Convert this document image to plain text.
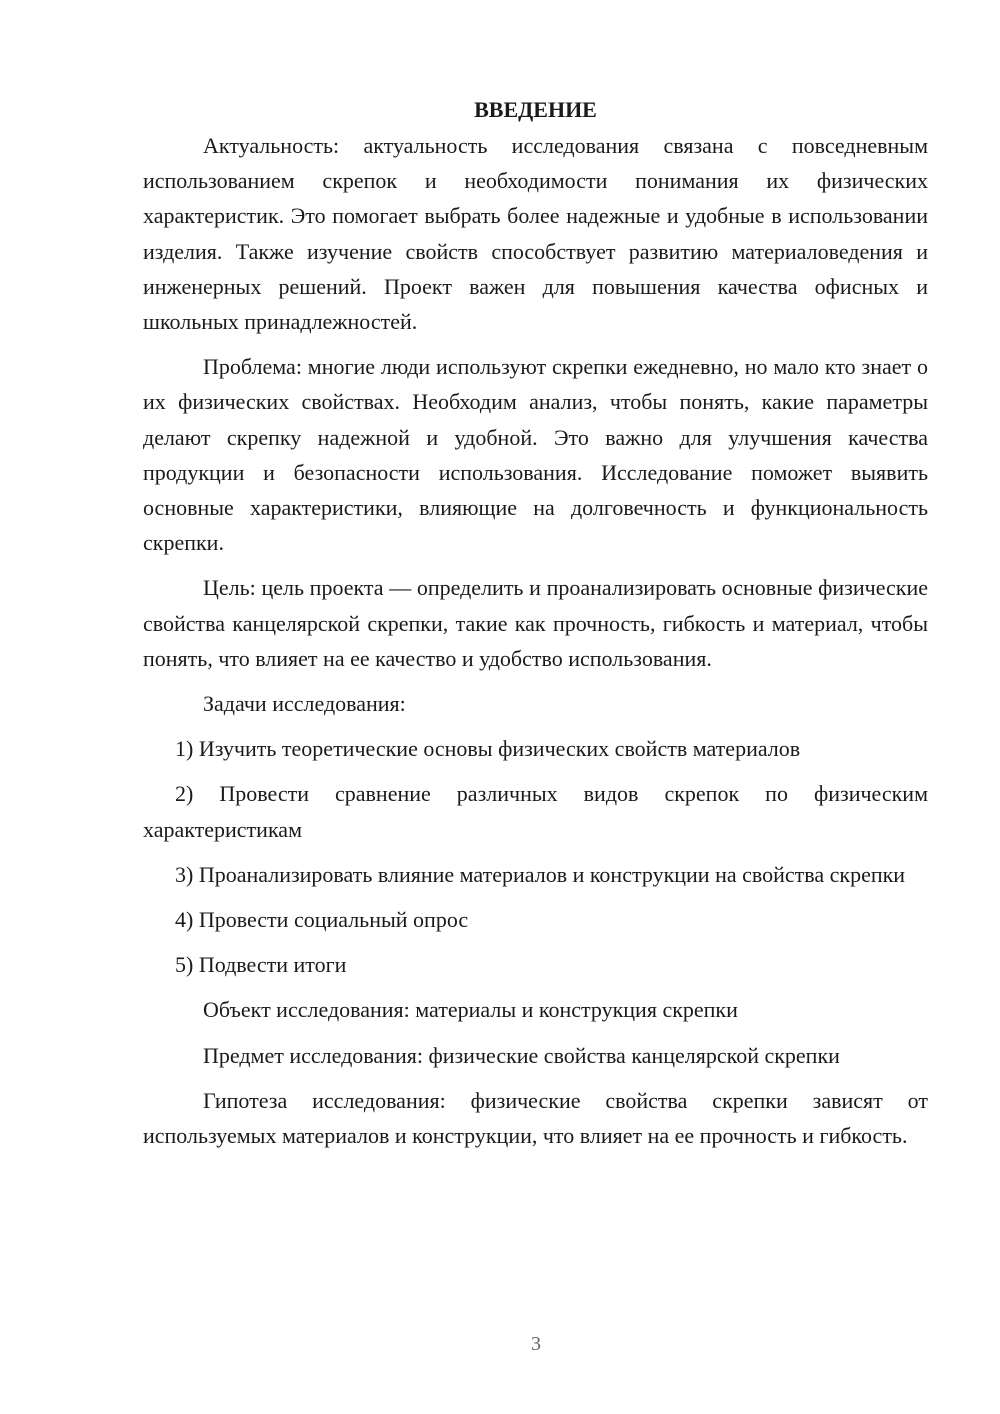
ВВЕДЕНИЕ

Актуальность: актуальность исследования связана с повседневным использованием скрепок и необходимости понимания их физических характеристик. Это помогает выбрать более надежные и удобные в использовании изделия. Также изучение свойств способствует развитию материаловедения и инженерных решений. Проект важен для повышения качества офисных и школьных принадлежностей.

Проблема: многие люди используют скрепки ежедневно, но мало кто знает о их физических свойствах. Необходим анализ, чтобы понять, какие параметры делают скрепку надежной и удобной. Это важно для улучшения качества продукции и безопасности использования. Исследование поможет выявить основные характеристики, влияющие на долговечность и функциональность скрепки.

Цель: цель проекта — определить и проанализировать основные физические свойства канцелярской скрепки, такие как прочность, гибкость и материал, чтобы понять, что влияет на ее качество и удобство использования.

Задачи исследования:

1) Изучить теоретические основы физических свойств материалов

2) Провести сравнение различных видов скрепок по физическим характеристикам

3) Проанализировать влияние материалов и конструкции на свойства скрепки

4) Провести социальный опрос

5) Подвести итоги

Объект исследования: материалы и конструкция скрепки

Предмет исследования: физические свойства канцелярской скрепки

Гипотеза исследования: физические свойства скрепки зависят от используемых материалов и конструкции, что влияет на ее прочность и гибкость.

3
